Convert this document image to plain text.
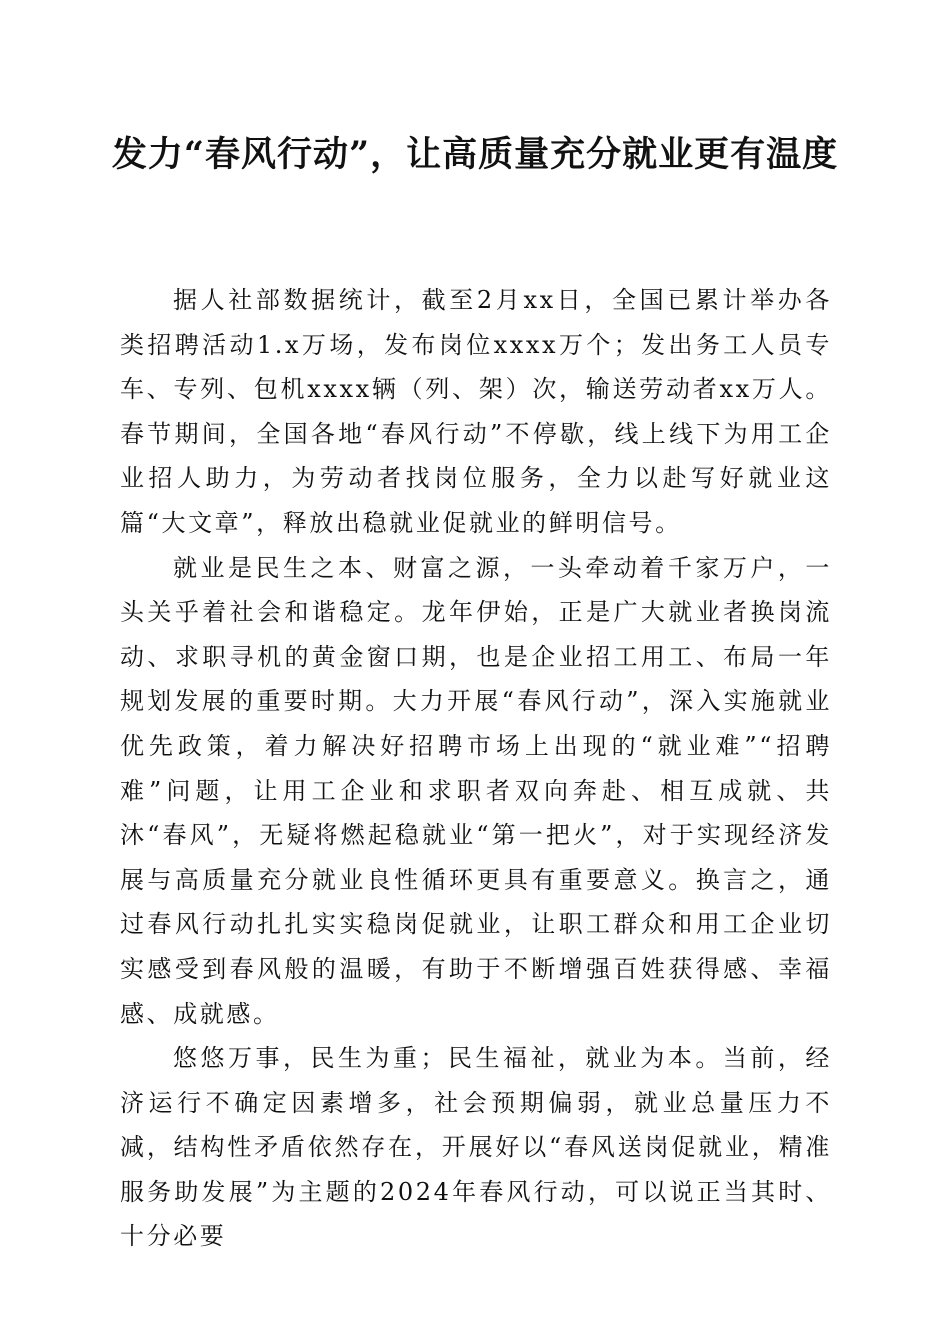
发力“春风行动”，让高质量充分就业更有温度

据人社部数据统计，截至2月xx日，全国已累计举办各类招聘活动1.x万场，发布岗位xxxx万个；发出务工人员专车、专列、包机xxxx辆（列、架）次，输送劳动者xx万人。春节期间，全国各地“春风行动”不停歇，线上线下为用工企业招人助力，为劳动者找岗位服务，全力以赴写好就业这篇“大文章”，释放出稳就业促就业的鲜明信号。

就业是民生之本、财富之源，一头牵动着千家万户，一头关乎着社会和谐稳定。龙年伊始，正是广大就业者换岗流动、求职寻机的黄金窗口期，也是企业招工用工、布局一年规划发展的重要时期。大力开展“春风行动”，深入实施就业优先政策，着力解决好招聘市场上出现的“就业难”“招聘难”问题，让用工企业和求职者双向奔赴、相互成就、共沐“春风”，无疑将燃起稳就业“第一把火”，对于实现经济发展与高质量充分就业良性循环更具有重要意义。换言之，通过春风行动扎扎实实稳岗促就业，让职工群众和用工企业切实感受到春风般的温暖，有助于不断增强百姓获得感、幸福感、成就感。

悠悠万事，民生为重；民生福祉，就业为本。当前，经济运行不确定因素增多，社会预期偏弱，就业总量压力不减，结构性矛盾依然存在，开展好以“春风送岗促就业，精准服务助发展”为主题的2024年春风行动，可以说正当其时、十分必要
